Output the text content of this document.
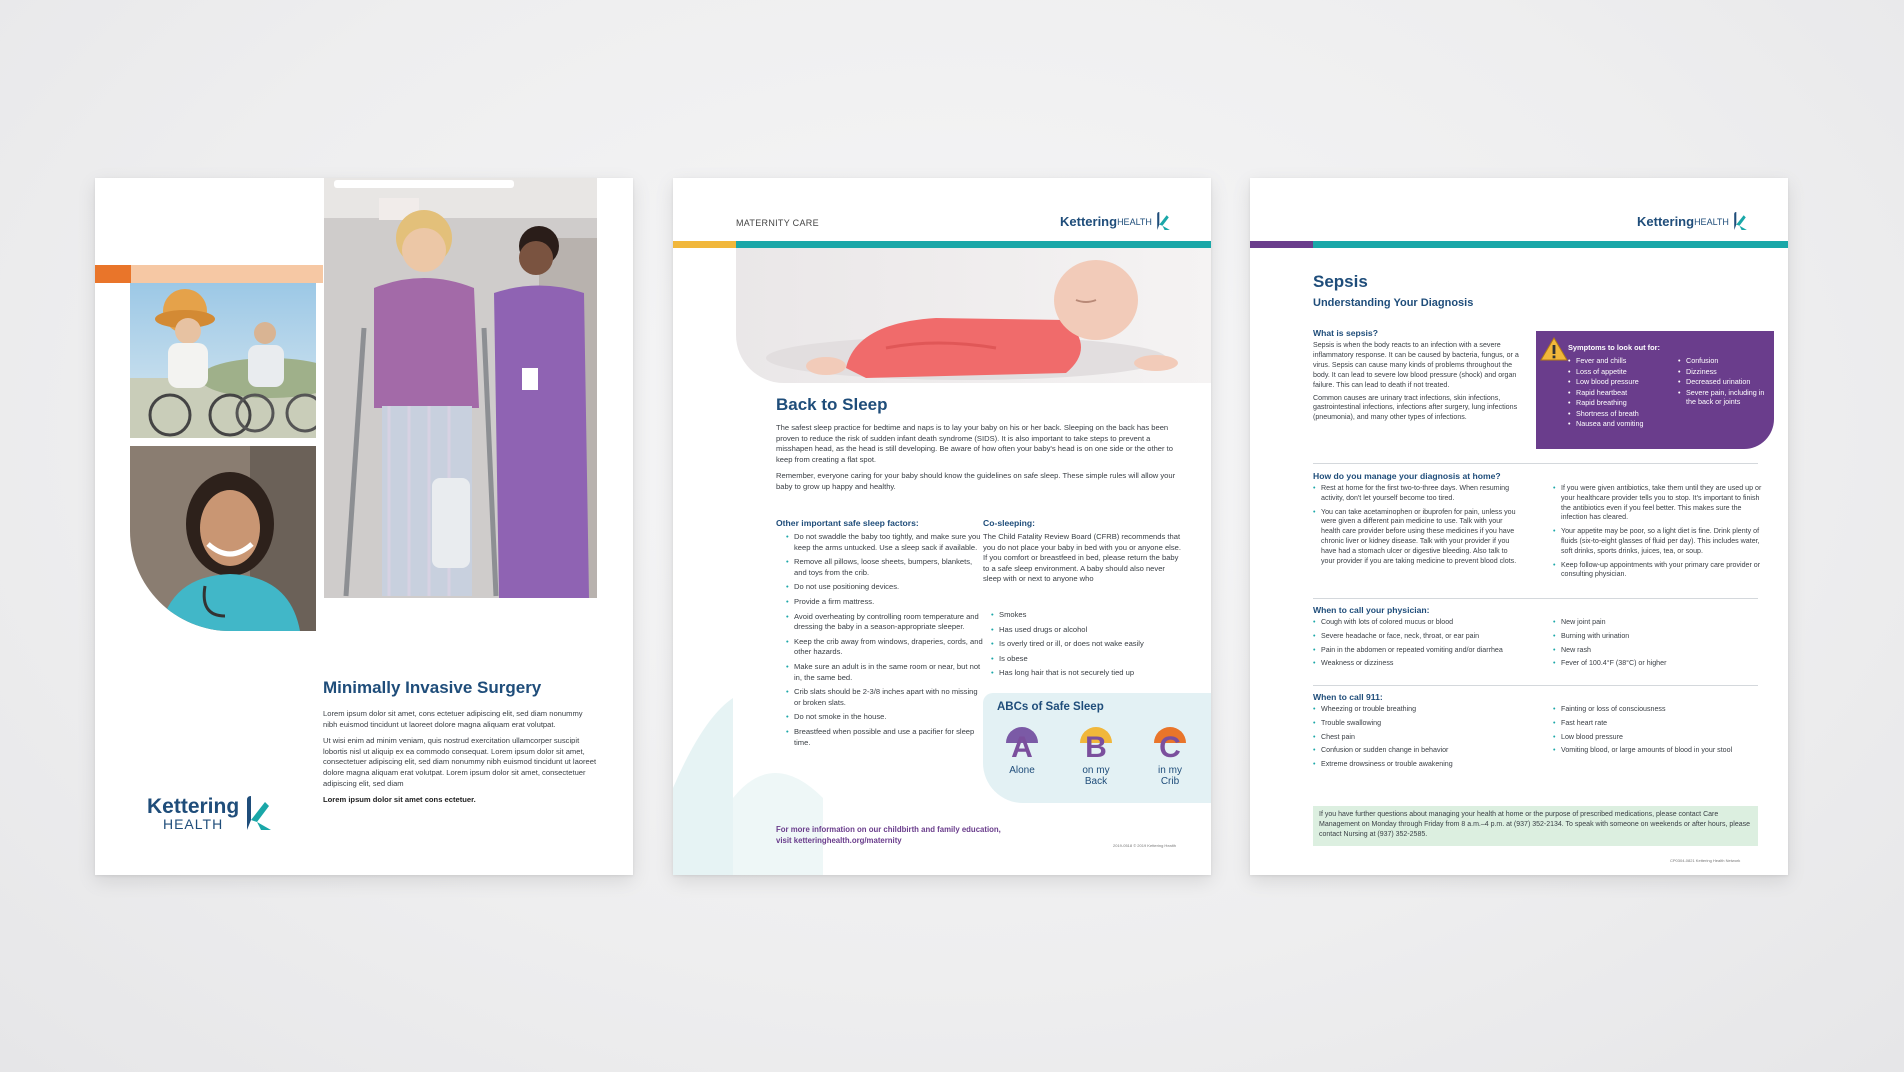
Minimally Invasive Surgery

Lorem ipsum dolor sit amet, cons ectetuer adipiscing elit, sed diam nonummy nibh euismod tincidunt ut laoreet dolore magna aliquam erat volutpat.

Ut wisi enim ad minim veniam, quis nostrud exercitation ullamcorper suscipit lobortis nisl ut aliquip ex ea commodo consequat. Lorem ipsum dolor sit amet, consectetuer adipiscing elit, sed diam nonummy nibh euismod tincidunt ut laoreet dolore magna aliquam erat volutpat. Lorem ipsum dolor sit amet, consectetuer adipiscing elit, sed diam

Lorem ipsum dolor sit amet cons ectetuer.

Kettering
HEALTH
MATERNITY CARE	Kettering HEALTH
Back to Sleep

The safest sleep practice for bedtime and naps is to lay your baby on his or her back. Sleeping on the back has been proven to reduce the risk of sudden infant death syndrome (SIDS). It is also important to take steps to prevent a misshapen head, as the head is still developing. Be aware of how often your baby's head is on one side or the other to keep from creating a flat spot.

Remember, everyone caring for your baby should know the guidelines on safe sleep. These simple rules will allow your baby to grow up happy and healthy.

Other important safe sleep factors:
• Do not swaddle the baby too tightly, and make sure you keep the arms untucked. Use a sleep sack if available.
• Remove all pillows, loose sheets, bumpers, blankets, and toys from the crib.
• Do not use positioning devices.
• Provide a firm mattress.
• Avoid overheating by controlling room temperature and dressing the baby in a season-appropriate sleeper.
• Keep the crib away from windows, draperies, cords, and other hazards.
• Make sure an adult is in the same room or near, but not in, the same bed.
• Crib slats should be 2-3/8 inches apart with no missing or broken slats.
• Do not smoke in the house.
• Breastfeed when possible and use a pacifier for sleep time.
Co-sleeping:
The Child Fatality Review Board (CFRB) recommends that you do not place your baby in bed with you or anyone else. If you comfort or breastfeed in bed, please return the baby to a safe sleep environment. A baby should also never sleep with or next to anyone who
• Smokes
• Has used drugs or alcohol
• Is overly tired or ill, or does not wake easily
• Is obese
• Has long hair that is not securely tied up
ABCs of Safe Sleep
A
Alone
B
on my Back
C
in my Crib
For more information on our childbirth and family education,
visit ketteringhealth.org/maternity
2019-0518 © 2019 Kettering Health
Kettering HEALTH
Sepsis
Understanding Your Diagnosis
What is sepsis?

Sepsis is when the body reacts to an infection with a severe inflammatory response. It can be caused by bacteria, fungus, or a virus. Sepsis can cause many kinds of problems throughout the body. It can lead to severe low blood pressure (shock) and organ failure. This can lead to death if not treated.

Common causes are urinary tract infections, skin infections, gastrointestinal infections, infections after surgery, lung infections (pneumonia), and many other types of infections.

Symptoms to look out for:
• Fever and chills
• Loss of appetite
• Low blood pressure
• Rapid heartbeat
• Rapid breathing
• Shortness of breath
• Nausea and vomiting
• Confusion
• Dizziness
• Decreased urination
• Severe pain, including in the back or joints
How do you manage your diagnosis at home?
• Rest at home for the first two-to-three days. When resuming activity, don't let yourself become too tired.
• You can take acetaminophen or ibuprofen for pain, unless you were given a different pain medicine to use. Talk with your health care provider before using these medicines if you have chronic liver or kidney disease. Talk with your provider if you have had a stomach ulcer or digestive bleeding. Also talk to your provider if you are taking medicine to prevent blood clots.
• If you were given antibiotics, take them until they are used up or your healthcare provider tells you to stop. It's important to finish the antibiotics even if you feel better. This makes sure the infection has cleared.
• Your appetite may be poor, so a light diet is fine. Drink plenty of fluids (six-to-eight glasses of fluid per day). This includes water, soft drinks, sports drinks, juices, tea, or soup.
• Keep follow-up appointments with your primary care provider or consulting physician.
When to call your physician:
• Cough with lots of colored mucus or blood
• Severe headache or face, neck, throat, or ear pain
• Pain in the abdomen or repeated vomiting and/or diarrhea
• Weakness or dizziness
• New joint pain
• Burning with urination
• New rash
• Fever of 100.4°F (38°C) or higher
When to call 911:
• Wheezing or trouble breathing
• Trouble swallowing
• Chest pain
• Confusion or sudden change in behavior
• Extreme drowsiness or trouble awakening
• Fainting or loss of consciousness
• Fast heart rate
• Low blood pressure
• Vomiting blood, or large amounts of blood in your stool
If you have further questions about managing your health at home or the purpose of prescribed medications, please contact Care Management on Monday through Friday from 8 a.m.–4 p.m. at (937) 352-2134. To speak with someone on weekends or after hours, please contact Nursing at (937) 352-2585.
CP0304-0821 Kettering Health Network
